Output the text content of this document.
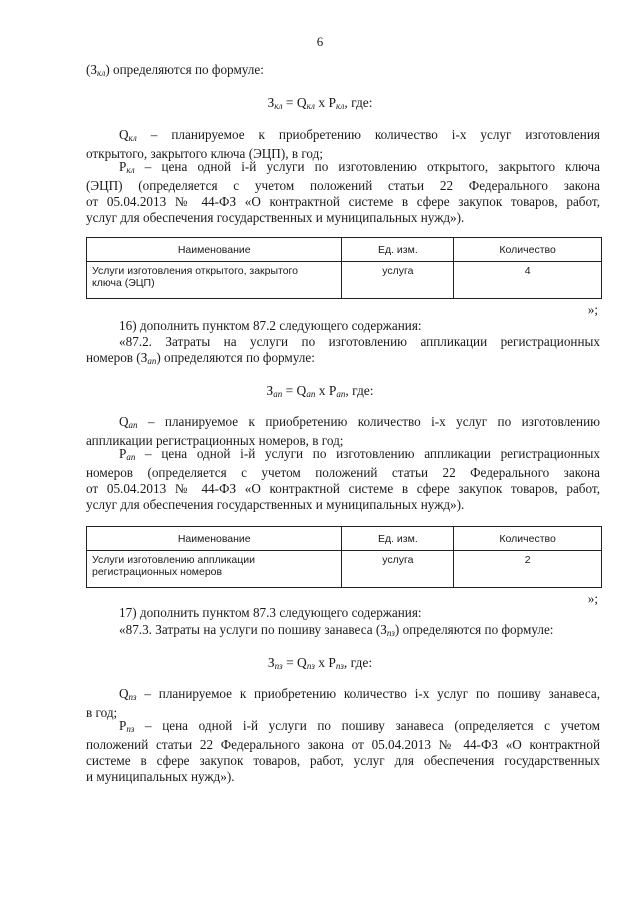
6
$(З_{кл})$ определяются по формуле:
$З_{кл} = Q_{кл}$ х $P_{кл}$, где:
$Q_{кл}$ – планируемое к приобретению количество i-х услуг изготовления
открытого, закрытого ключа (ЭЦП), в год;
$P_{кл}$ – цена одной i-й услуги по изготовлению открытого, закрытого ключа
(ЭЦП) (определяется с учетом положений статьи 22 Федерального закона
от 05.04.2013 № 44-ФЗ «О контрактной системе в сфере закупок товаров, работ,
услуг для обеспечения государственных и муниципальных нужд»).
Наименование	Ед. изм.	Количество
Услуги изготовления открытого, закрытого
ключа (ЭЦП)	услуга	4
»;
16) дополнить пунктом 87.2 следующего содержания:
«87.2. Затраты на услуги по изготовлению аппликации регистрационных
номеров $(З_{ап})$ определяются по формуле:
$З_{ап} = Q_{ап}$ х $P_{ап}$, где:
$Q_{ап}$ – планируемое к приобретению количество i-х услуг по изготовлению
аппликации регистрационных номеров, в год;
$P_{ап}$ – цена одной i-й услуги по изготовлению аппликации регистрационных
номеров (определяется с учетом положений статьи 22 Федерального закона
от 05.04.2013 № 44-ФЗ «О контрактной системе в сфере закупок товаров, работ,
услуг для обеспечения государственных и муниципальных нужд»).
Наименование	Ед. изм.	Количество
Услуги изготовлению аппликации
регистрационных номеров	услуга	2
»;
17) дополнить пунктом 87.3 следующего содержания:
«87.3. Затраты на услуги по пошиву занавеса $(З_{пз})$ определяются по формуле:
$З_{пз} = Q_{пз}$ х $P_{пз}$, где:
$Q_{пз}$ – планируемое к приобретению количество i-х услуг по пошиву занавеса,
в год;
$P_{пз}$ – цена одной i-й услуги по пошиву занавеса (определяется с учетом
положений статьи 22 Федерального закона от 05.04.2013 № 44-ФЗ «О контрактной
системе в сфере закупок товаров, работ, услуг для обеспечения государственных
и муниципальных нужд»).
